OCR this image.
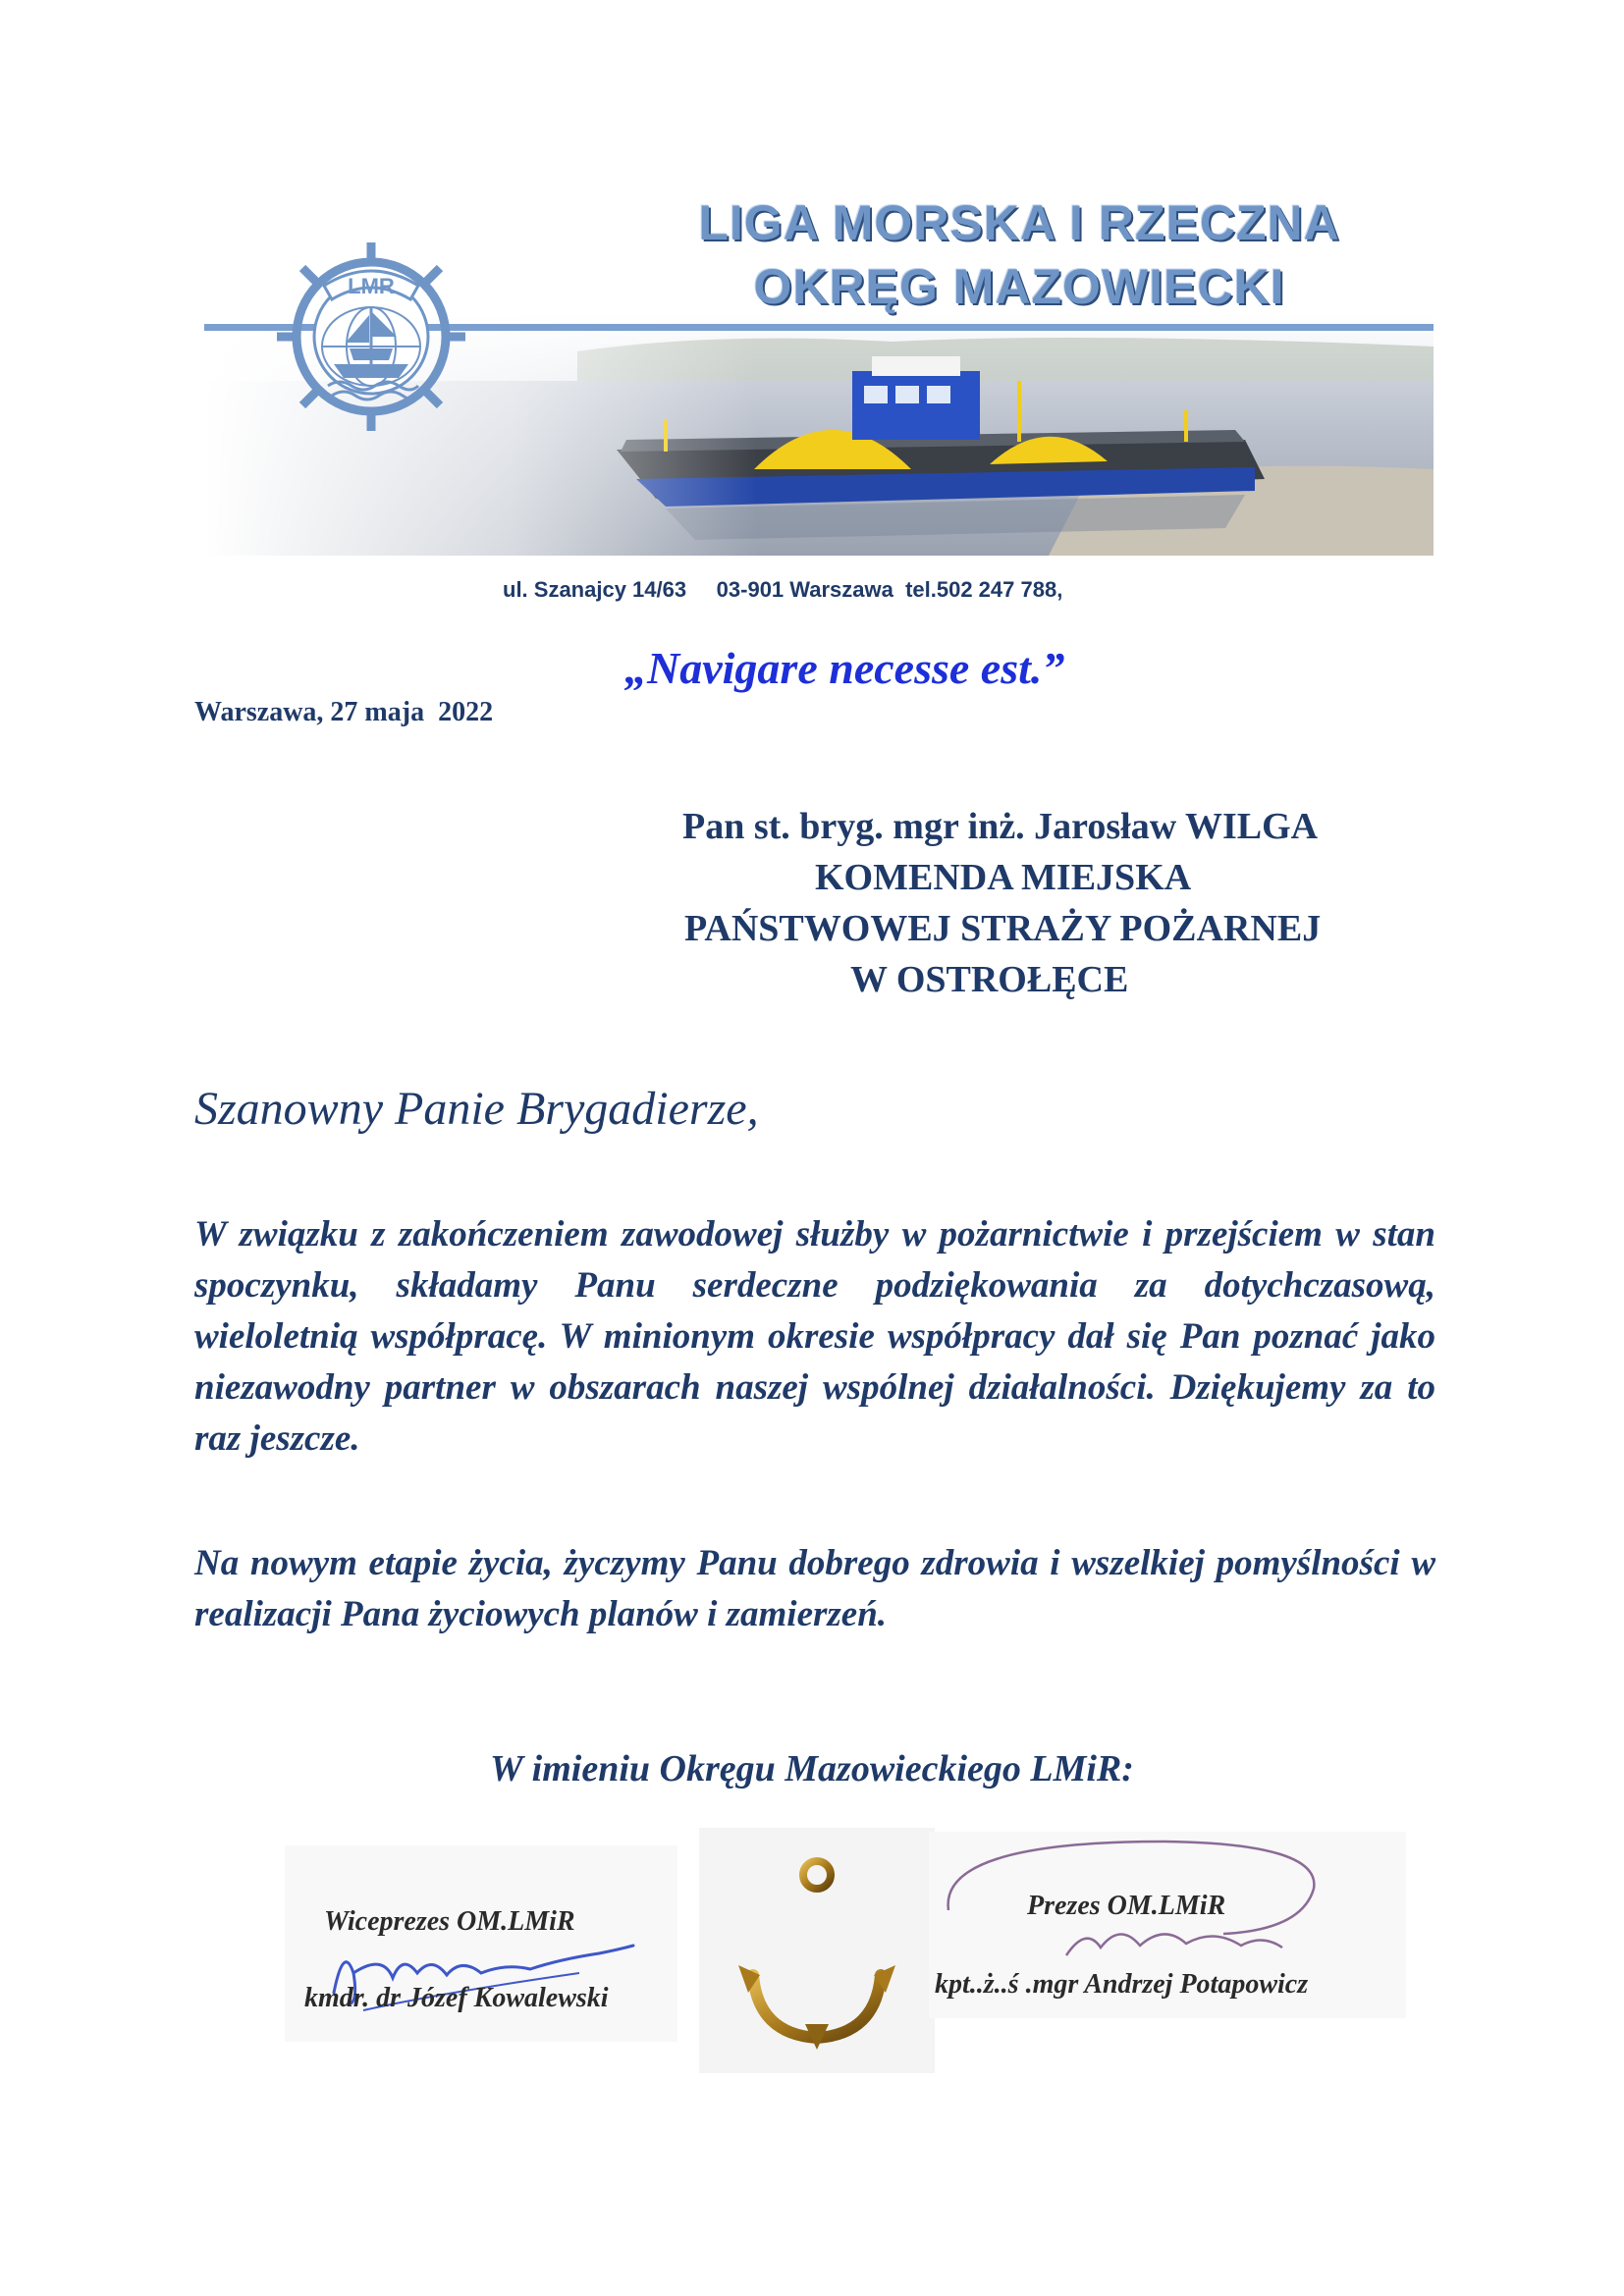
LIGA MORSKA I RZECZNA
OKRĘG MAZOWIECKI
LMR
ul. Szanajcy 14/63     03-901 Warszawa  tel.502 247 788,
„Navigare necesse est.”
Warszawa, 27 maja  2022
Pan st. bryg. mgr inż. Jarosław WILGA
KOMENDA MIEJSKA
PAŃSTWOWEJ STRAŻY POŻARNEJ
W OSTROŁĘCE
Szanowny Panie Brygadierze,

W związku z zakończeniem zawodowej służby w pożarnictwie i przejściem w stan spoczynku, składamy Panu serdeczne podziękowania za dotychczasową, wieloletnią współpracę. W minionym okresie współpracy dał się Pan poznać jako niezawodny partner w obszarach naszej wspólnej działalności. Dziękujemy za to raz jeszcze.

Na nowym etapie życia, życzymy Panu dobrego zdrowia i wszelkiej pomyślności w realizacji Pana życiowych planów i zamierzeń.

W imieniu Okręgu Mazowieckiego LMiR:
Wiceprezes OM.LMiR
kmdr. dr Józef Kowalewski
Prezes OM.LMiR
kpt..ż..ś .mgr Andrzej Potapowicz
